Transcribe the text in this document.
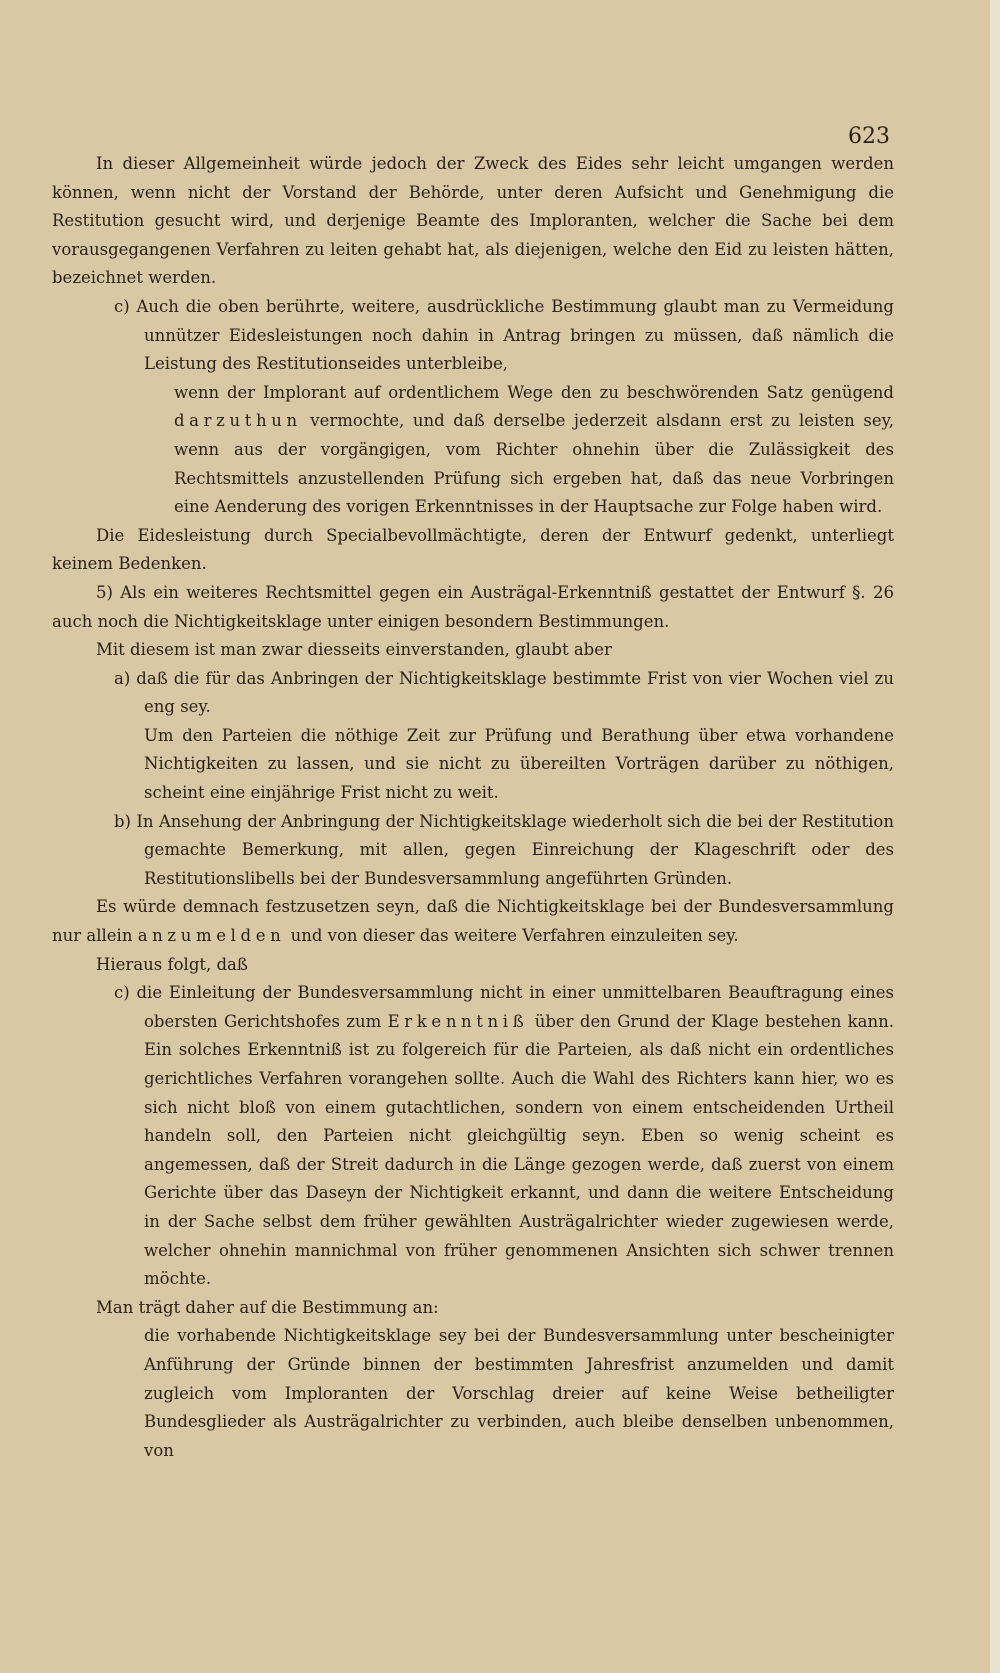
623

In dieser Allgemeinheit würde jedoch der Zweck des Eides sehr leicht umgangen werden können, wenn nicht der Vorstand der Behörde, unter deren Aufsicht und Genehmigung die Restitution gesucht wird, und derjenige Beamte des Imploranten, welcher die Sache bei dem vorausgegangenen Verfahren zu leiten gehabt hat, als diejenigen, welche den Eid zu leisten hätten, bezeichnet werden.

c) Auch die oben berührte, weitere, ausdrückliche Bestimmung glaubt man zu Vermeidung unnützer Eidesleistungen noch dahin in Antrag bringen zu müssen, daß nämlich die Leistung des Restitutionseides unterbleibe,

wenn der Implorant auf ordentlichem Wege den zu beschwörenden Satz genügend darzuthun vermochte, und daß derselbe jederzeit alsdann erst zu leisten sey, wenn aus der vorgängigen, vom Richter ohnehin über die Zulässigkeit des Rechtsmittels anzustellenden Prüfung sich ergeben hat, daß das neue Vorbringen eine Aenderung des vorigen Erkenntnisses in der Hauptsache zur Folge haben wird.

Die Eidesleistung durch Specialbevollmächtigte, deren der Entwurf gedenkt, unterliegt keinem Bedenken.

5) Als ein weiteres Rechtsmittel gegen ein Austrägal-Erkenntniß gestattet der Entwurf §. 26 auch noch die Nichtigkeitsklage unter einigen besondern Bestimmungen.

Mit diesem ist man zwar diesseits einverstanden, glaubt aber

a) daß die für das Anbringen der Nichtigkeitsklage bestimmte Frist von vier Wochen viel zu eng sey.

Um den Parteien die nöthige Zeit zur Prüfung und Berathung über etwa vorhandene Nichtigkeiten zu lassen, und sie nicht zu übereilten Vorträgen darüber zu nöthigen, scheint eine einjährige Frist nicht zu weit.

b) In Ansehung der Anbringung der Nichtigkeitsklage wiederholt sich die bei der Restitution gemachte Bemerkung, mit allen, gegen Einreichung der Klageschrift oder des Restitutionslibells bei der Bundesversammlung angeführten Gründen.

Es würde demnach festzusetzen seyn, daß die Nichtigkeitsklage bei der Bundesversammlung nur allein anzumelden und von dieser das weitere Verfahren einzuleiten sey.

Hieraus folgt, daß

c) die Einleitung der Bundesversammlung nicht in einer unmittelbaren Beauftragung eines obersten Gerichtshofes zum Erkenntniß über den Grund der Klage bestehen kann. Ein solches Erkenntniß ist zu folgereich für die Parteien, als daß nicht ein ordentliches gerichtliches Verfahren vorangehen sollte. Auch die Wahl des Richters kann hier, wo es sich nicht bloß von einem gutachtlichen, sondern von einem entscheidenden Urtheil handeln soll, den Parteien nicht gleichgültig seyn. Eben so wenig scheint es angemessen, daß der Streit dadurch in die Länge gezogen werde, daß zuerst von einem Gerichte über das Daseyn der Nichtigkeit erkannt, und dann die weitere Entscheidung in der Sache selbst dem früher gewählten Austrägalrichter wieder zugewiesen werde, welcher ohnehin mannichmal von früher genommenen Ansichten sich schwer trennen möchte.

Man trägt daher auf die Bestimmung an:

die vorhabende Nichtigkeitsklage sey bei der Bundesversammlung unter bescheinigter Anführung der Gründe binnen der bestimmten Jahresfrist anzumelden und damit zugleich vom Imploranten der Vorschlag dreier auf keine Weise betheiligter Bundesglieder als Austrägalrichter zu verbinden, auch bleibe denselben unbenommen, von
